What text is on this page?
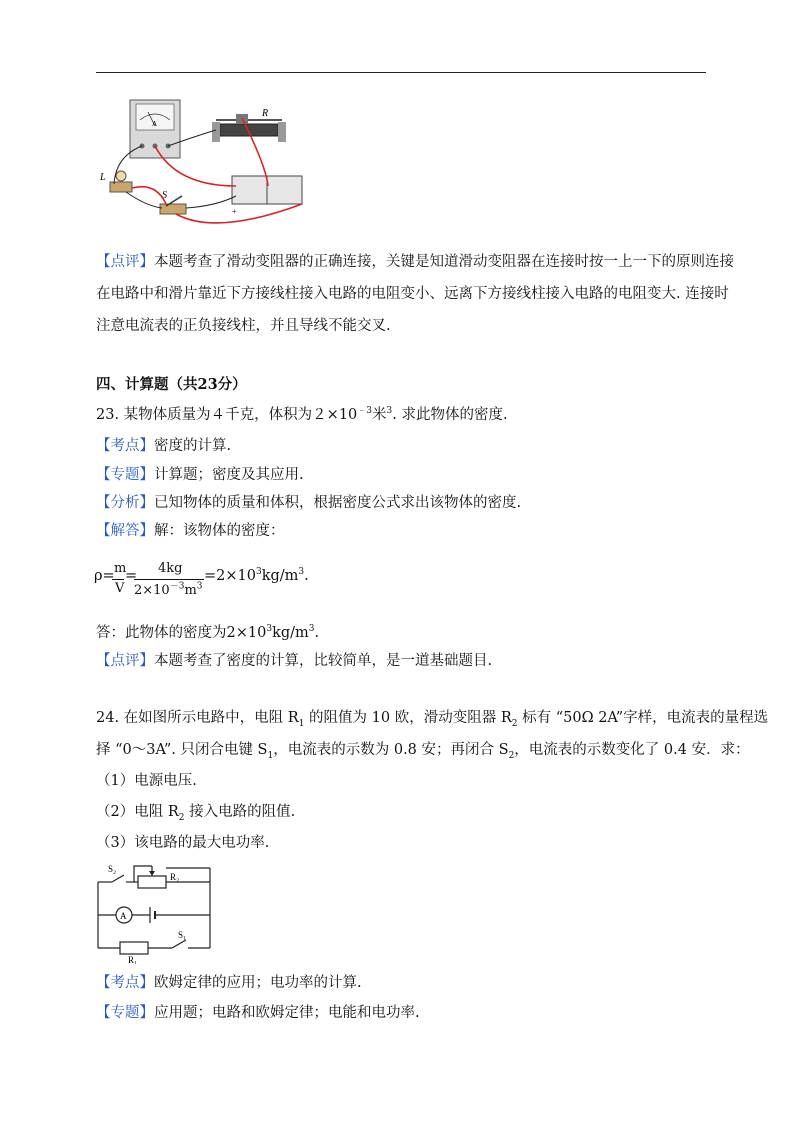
A
R
+
L
S
【点评】本题考查了滑动变阻器的正确连接，关键是知道滑动变阻器在连接时按一上一下的原则连接
在电路中和滑片靠近下方接线柱接入电路的电阻变小、远离下方接线柱接入电路的电阻变大. 连接时
注意电流表的正负接线柱，并且导线不能交叉.
四、计算题（共23分）
23. 某物体质量为４千克，体积为$2\times 10^{﹣3}$米$^3$. 求此物体的密度.
【考点】密度的计算.
【专题】计算题；密度及其应用.
【分析】已知物体的质量和体积，根据密度公式求出该物体的密度.
【解答】解：该物体的密度：
ρ= m
V
= 4kg
$2\times 10^{-3}m^3$
$=2\times 10^3kg/m^3$.
答：此物体的密度为$2\times 10^3kg/m^3$.
【点评】本题考查了密度的计算，比较简单，是一道基础题目.
24. 在如图所示电路中，电阻 $R_1$ 的阻值为 10 欧，滑动变阻器 $R_2$ 标有 “50Ω 2A”字样，电流表的量程选
择 “0～3A”. 只闭合电键 $S_1$，电流表的示数为 0.8 安；再闭合 $S_2$，电流表的示数变化了 0.4 安．求：
（1）电源电压.
（2）电阻 $R_2$ 接入电路的阻值.
（3）该电路的最大电功率.
S₂
R₂
A
S₁
R₁
【考点】欧姆定律的应用；电功率的计算.
【专题】应用题；电路和欧姆定律；电能和电功率.
